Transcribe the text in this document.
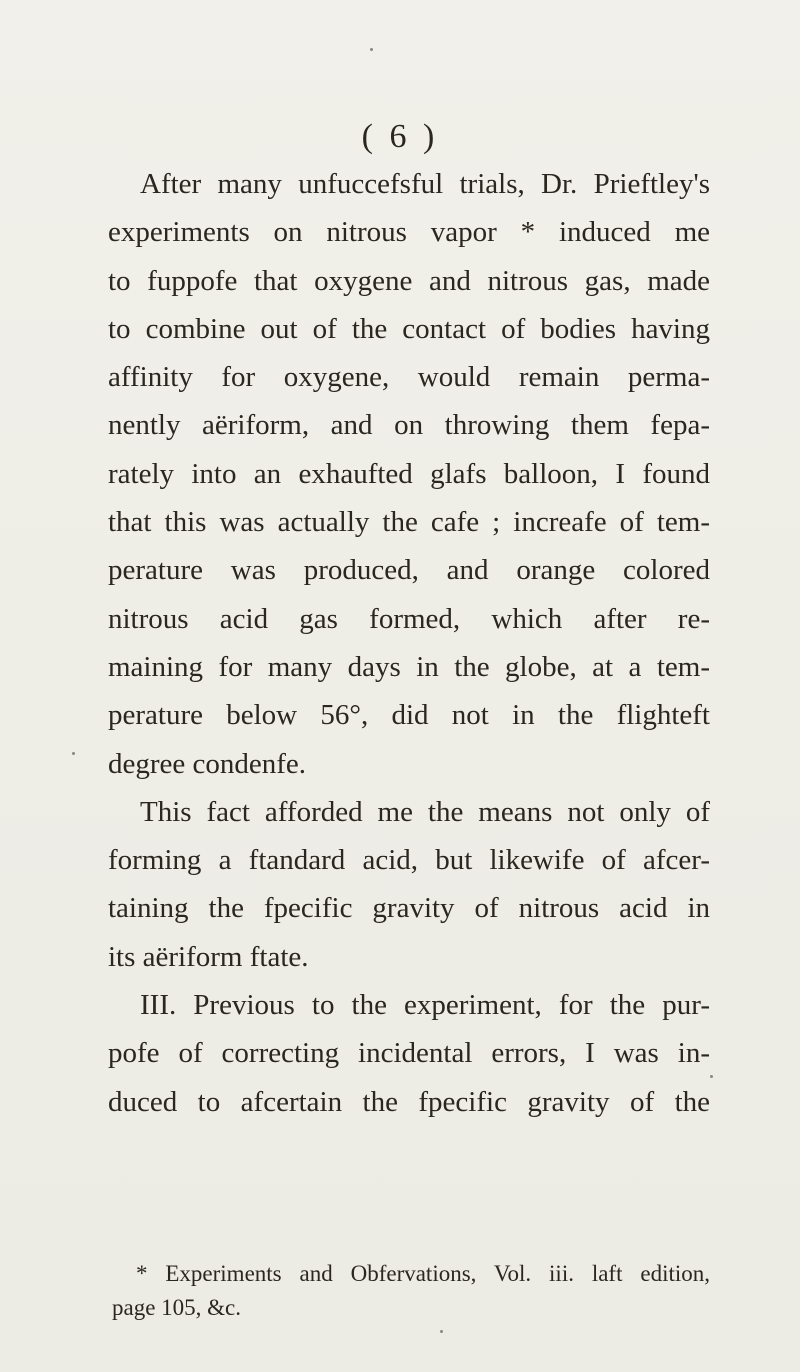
( 6 )
After many unfuccefsful trials, Dr. Prieftley's
experiments on nitrous vapor * induced me
to fuppofe that oxygene and nitrous gas, made
to combine out of the contact of bodies having
affinity for oxygene, would remain perma-
nently aëriform, and on throwing them fepa-
rately into an exhaufted glafs balloon, I found
that this was actually the cafe ; increafe of tem-
perature was produced, and orange colored
nitrous acid gas formed, which after re-
maining for many days in the globe, at a tem-
perature below 56°, did not in the flighteft
degree condenfe.
This fact afforded me the means not only of
forming a ftandard acid, but likewife of afcer-
taining the fpecific gravity of nitrous acid in
its aëriform ftate.
III. Previous to the experiment, for the pur-
pofe of correcting incidental errors, I was in-
duced to afcertain the fpecific gravity of the
* Experiments and Obfervations, Vol. iii. laft edition,
page 105, &c.
